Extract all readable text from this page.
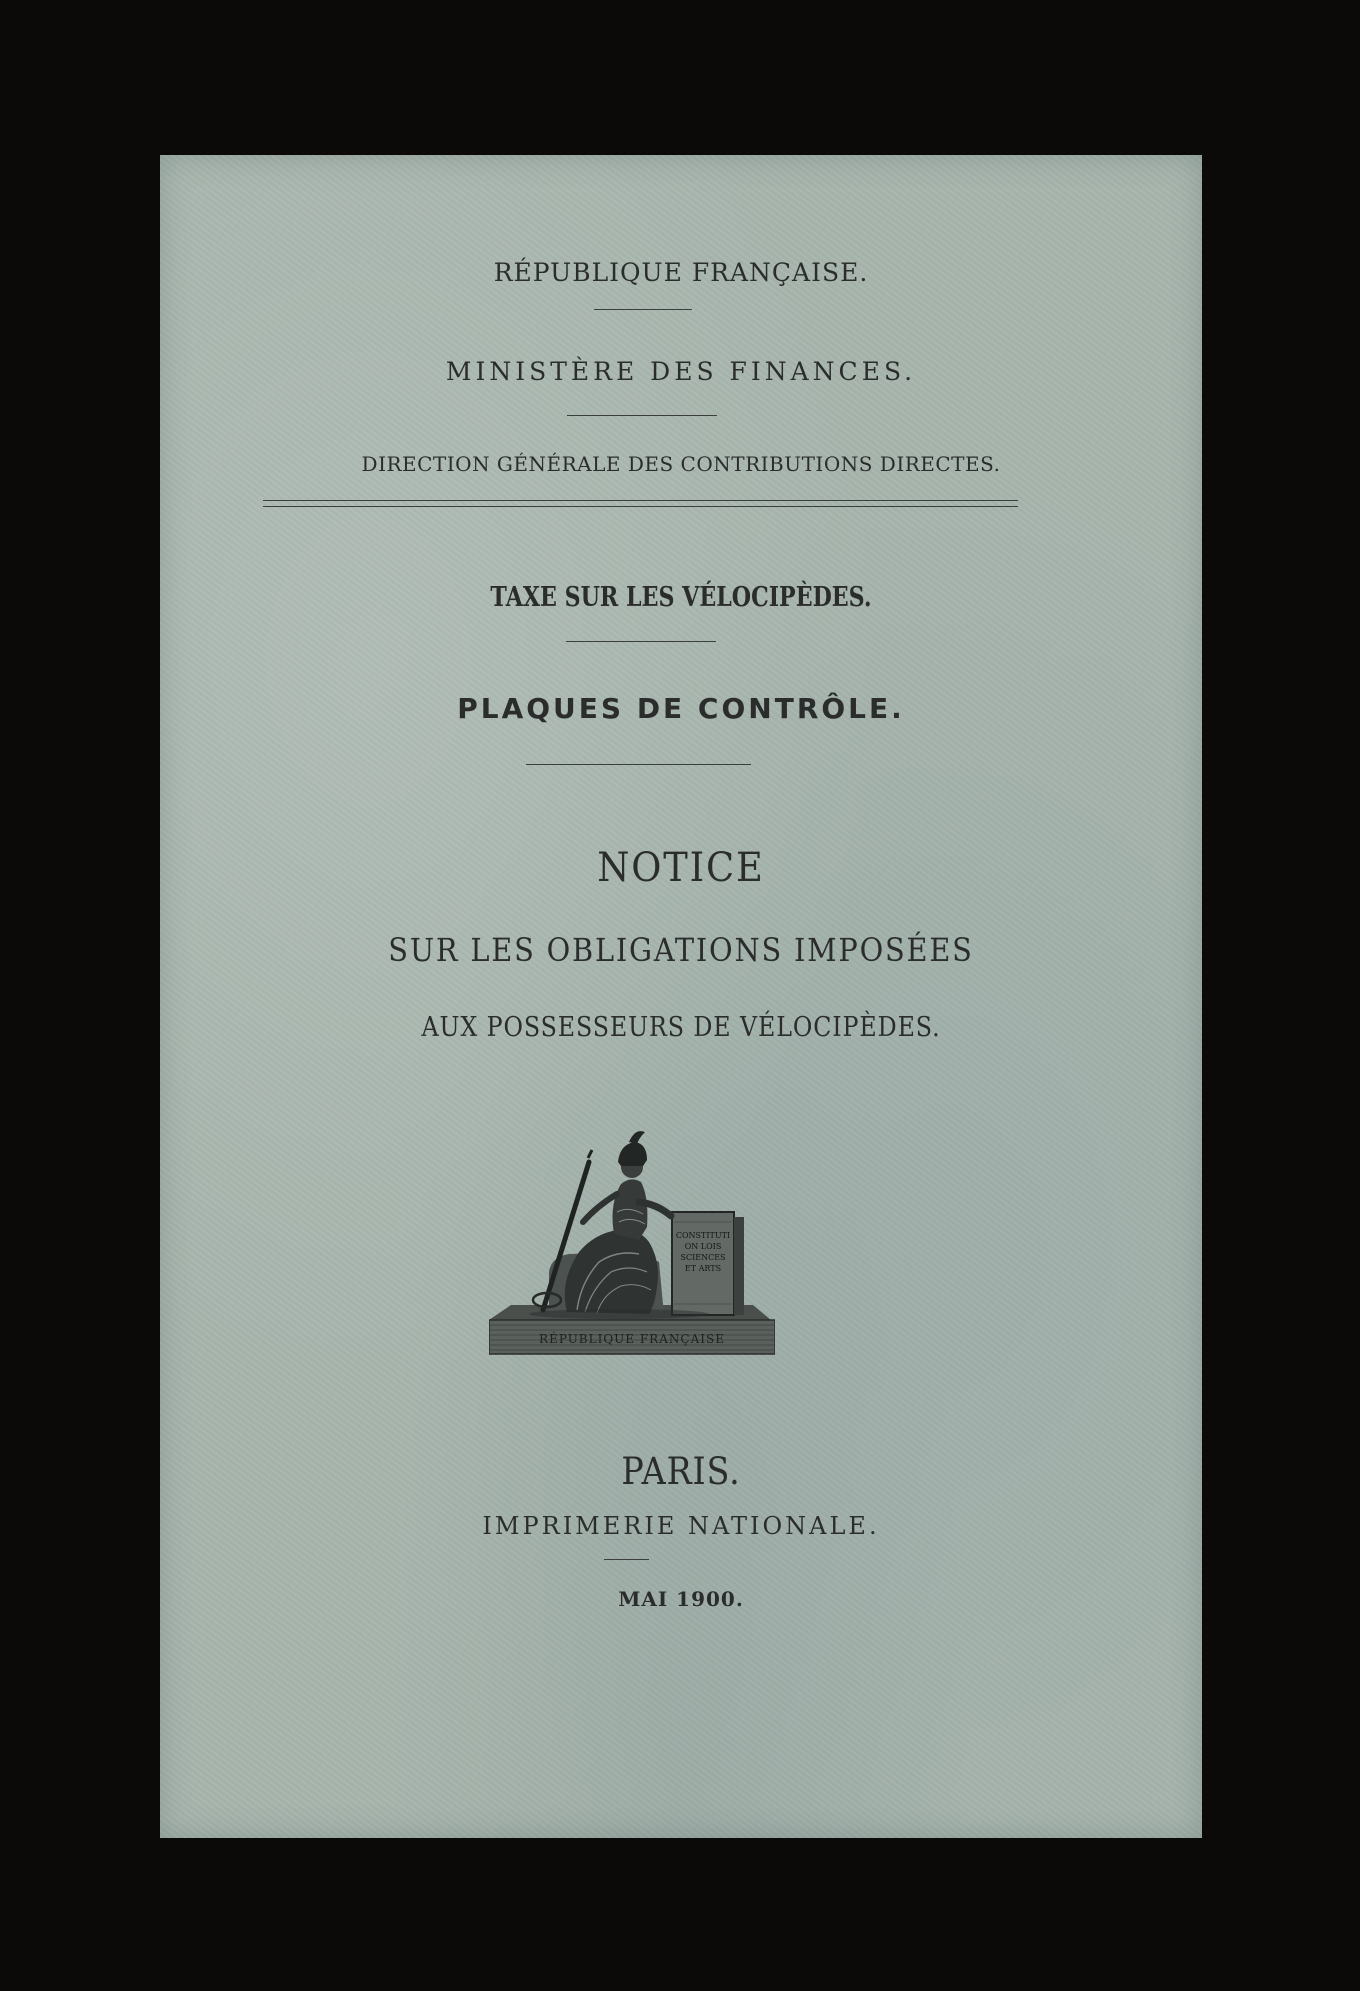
RÉPUBLIQUE FRANÇAISE.
MINISTÈRE DES FINANCES.
DIRECTION GÉNÉRALE DES CONTRIBUTIONS DIRECTES.
TAXE SUR LES VÉLOCIPÈDES.
PLAQUES DE CONTRÔLE.
NOTICE
SUR LES OBLIGATIONS IMPOSÉES
AUX POSSESSEURS DE VÉLOCIPÈDES.
RÉPUBLIQUE FRANÇAISE
CONSTITUTION LOIS SCIENCES ET ARTS
PARIS.
IMPRIMERIE NATIONALE.
MAI 1900.
